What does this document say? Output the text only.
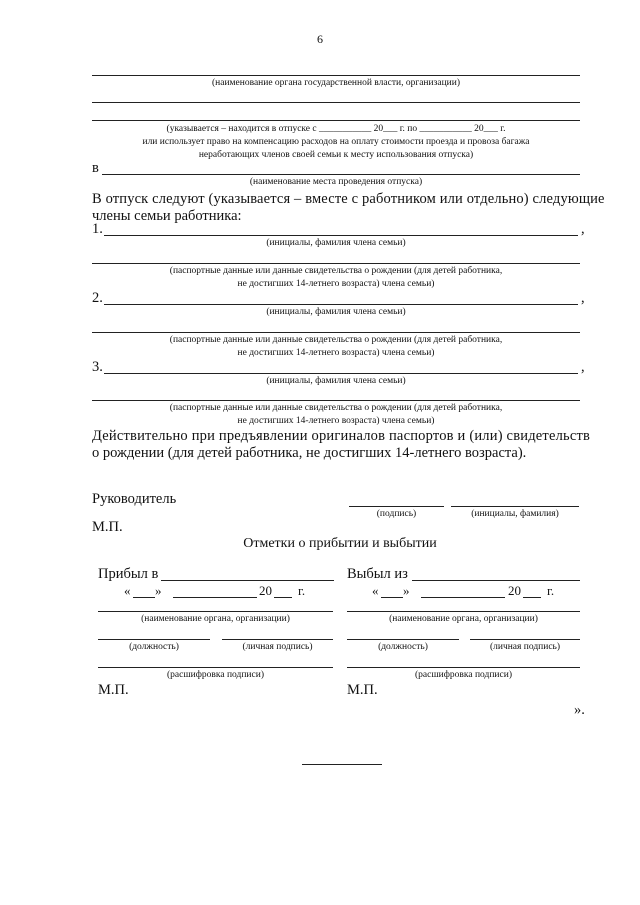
6
(наименование органа государственной власти, организации)
(указывается – находится в отпуске с ___________ 20___ г. по ___________ 20___ г.
или использует право на компенсацию расходов на оплату стоимости проезда и провоза багажа
неработающих членов своей семьи к месту использования отпуска)
в
(наименование места проведения отпуска)
В отпуск следуют (указывается – вместе с работником или отдельно) следующие
члены семьи работника:
1.	,
(инициалы, фамилия члена семьи)
(паспортные данные или данные свидетельства о рождении (для детей работника,
не достигших 14-летнего возраста) члена семьи)
2.	,
(инициалы, фамилия члена семьи)
(паспортные данные или данные свидетельства о рождении (для детей работника,
не достигших 14-летнего возраста) члена семьи)
3.	,
(инициалы, фамилия члена семьи)
(паспортные данные или данные свидетельства о рождении (для детей работника,
не достигших 14-летнего возраста) члена семьи)
Действительно при предъявлении оригиналов паспортов и (или) свидетельств
о рождении (для детей работника, не достигших 14-летнего возраста).
Руководитель
(подпись)	(инициалы, фамилия)
М.П.
Отметки о прибытии и выбытии
Прибыл в
« »	20 г.
(наименование органа, организации)
(должность)	(личная подпись)
(расшифровка подписи)
М.П.
Выбыл из
« »	20 г.
(наименование органа, организации)
(должность)	(личная подпись)
(расшифровка подписи)
М.П.
».
